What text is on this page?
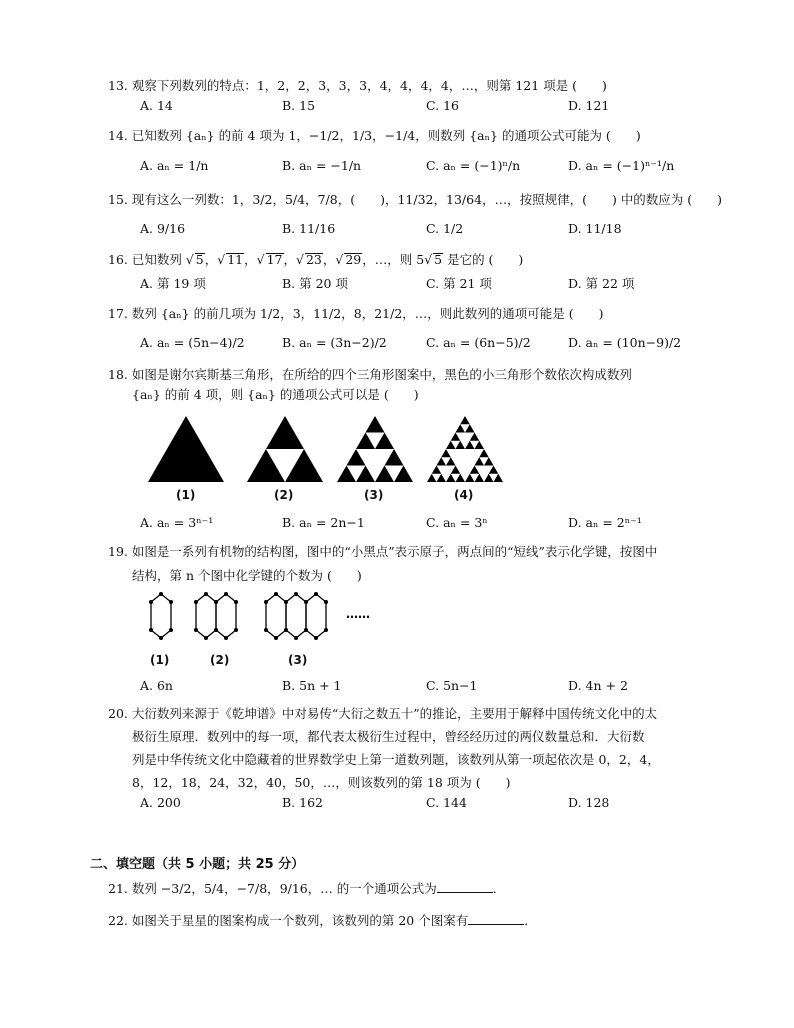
13. 观察下列数列的特点：1，2，2，3，3，3，4，4，4，4，…，则第 121 项是 (　　)
A. 14	B. 15	C. 16	D. 121
14. 已知数列 {aₙ} 的前 4 项为 1，−1/2，1/3，−1/4，则数列 {aₙ} 的通项公式可能为 (　　)
A. aₙ = 1/n	B. aₙ = −1/n	C. aₙ = (−1)ⁿ/n	D. aₙ = (−1)ⁿ⁻¹/n
15. 现有这么一列数：1，3/2，5/4，7/8，(　　)，11/32，13/64，…，按照规律，(　　) 中的数应为 (　　)
A. 9/16	B. 11/16	C. 1/2	D. 11/18
16. 已知数列 √ 5，√ 11，√ 17，√ 23，√ 29，…，则 5√ 5 是它的 (　　)
A. 第 19 项	B. 第 20 项	C. 第 21 项	D. 第 22 项
17. 数列 {aₙ} 的前几项为 1/2，3，11/2，8，21/2，…，则此数列的通项可能是 (　　)
A. aₙ = (5n−4)/2	B. aₙ = (3n−2)/2	C. aₙ = (6n−5)/2	D. aₙ = (10n−9)/2
18. 如图是谢尔宾斯基三角形，在所给的四个三角形图案中，黑色的小三角形个数依次构成数列
{aₙ} 的前 4 项，则 {aₙ} 的通项公式可以是 (　　)
(1)	(2)	(3)	(4)
A. aₙ = 3ⁿ⁻¹	B. aₙ = 2n−1	C. aₙ = 3ⁿ	D. aₙ = 2ⁿ⁻¹
19. 如图是一系列有机物的结构图，图中的“小黑点”表示原子，两点间的“短线”表示化学键，按图中
结构，第 n 个图中化学键的个数为 (　　)
……
(1)	(2)	(3)
A. 6n	B. 5n + 1	C. 5n−1	D. 4n + 2
20. 大衍数列来源于《乾坤谱》中对易传“大衍之数五十”的推论，主要用于解释中国传统文化中的太
极衍生原理．数列中的每一项，都代表太极衍生过程中，曾经经历过的两仪数量总和．大衍数
列是中华传统文化中隐藏着的世界数学史上第一道数列题，该数列从第一项起依次是 0，2，4，
8，12，18，24，32，40，50，…，则该数列的第 18 项为 (　　)
A. 200	B. 162	C. 144	D. 128
二、填空题（共 5 小题；共 25 分）
21. 数列 −3/2，5/4，−7/8，9/16，… 的一个通项公式为	．
22. 如图关于星星的图案构成一个数列，该数列的第 20 个图案有	．
